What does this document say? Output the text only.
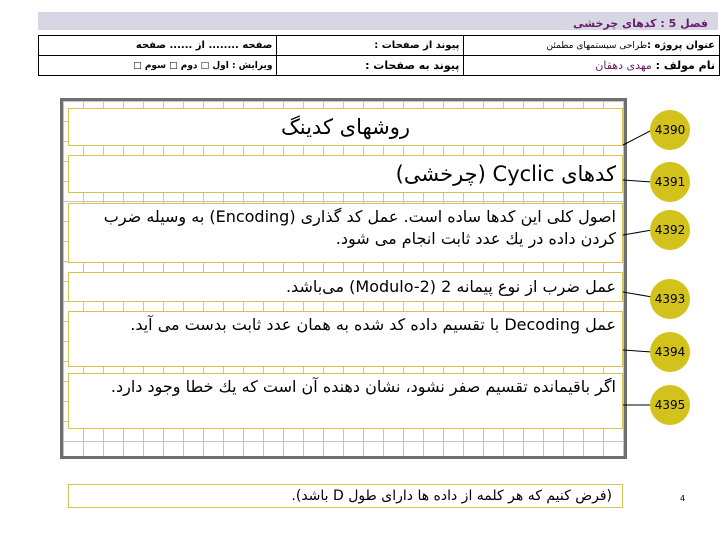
فصل 5 : کدهای چرخشی
عنوان پروژه :طراحی سیستمهای مطمئن	پیوند از صفحات :	صفحه ........ از ...... صفحه
نام مولف : مهدی دهقان	پیوند به صفحات :	ویرایش : اول □ دوم □ سوم □
روشهای کدینگ
کدهای Cyclic (چرخشی)
اصول کلی این کدها ساده است. عمل کد گذاری (Encoding) به وسیله ضرب کردن داده در يك عدد ثابت انجام می شود.
عمل ضرب از نوع پیمانه 2 (Modulo-2) می‌باشد.
عمل Decoding با تقسیم داده کد شده به همان عدد ثابت بدست می آید.
اگر باقیمانده تقسیم صفر نشود، نشان دهنده آن است که يك خطا وجود دارد.
4390
4391
4392
4393
4394
4395
(فرض کنیم که هر کلمه از داده ها دارای طول D باشد).	4
